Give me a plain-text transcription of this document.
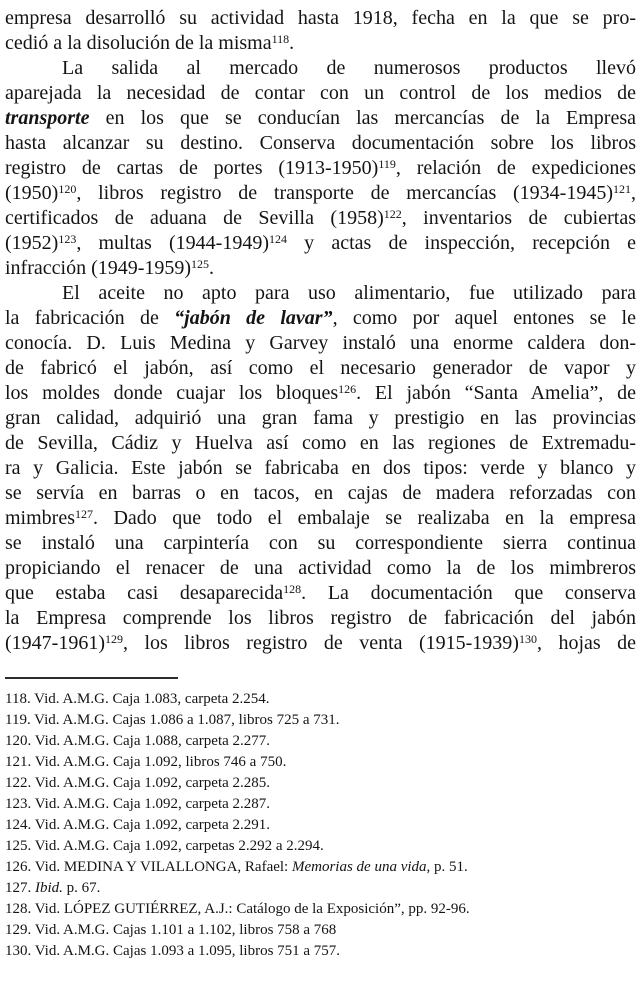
empresa desarrolló su actividad hasta 1918, fecha en la que se pro-
cedió a la disolución de la misma$^{118}$.
La salida al mercado de numerosos productos llevó
aparejada la necesidad de contar con un control de los medios de
transporte en los que se conducían las mercancías de la Empresa
hasta alcanzar su destino. Conserva documentación sobre los libros
registro de cartas de portes (1913-1950)$^{119}$, relación de expediciones
(1950)$^{120}$, libros registro de transporte de mercancías (1934-1945)$^{121}$,
certificados de aduana de Sevilla (1958)$^{122}$, inventarios de cubiertas
(1952)$^{123}$, multas (1944-1949)$^{124}$ y actas de inspección, recepción e
infracción (1949-1959)$^{125}$.
El aceite no apto para uso alimentario, fue utilizado para
la fabricación de “jabón de lavar”, como por aquel entones se le
conocía. D. Luis Medina y Garvey instaló una enorme caldera don-
de fabricó el jabón, así como el necesario generador de vapor y
los moldes donde cuajar los bloques$^{126}$. El jabón “Santa Amelia”, de
gran calidad, adquirió una gran fama y prestigio en las provincias
de Sevilla, Cádiz y Huelva así como en las regiones de Extremadu-
ra y Galicia. Este jabón se fabricaba en dos tipos: verde y blanco y
se servía en barras o en tacos, en cajas de madera reforzadas con
mimbres$^{127}$. Dado que todo el embalaje se realizaba en la empresa
se instaló una carpintería con su correspondiente sierra continua
propiciando el renacer de una actividad como la de los mimbreros
que estaba casi desaparecida$^{128}$. La documentación que conserva
la Empresa comprende los libros registro de fabricación del jabón
(1947-1961)$^{129}$, los libros registro de venta (1915-1939)$^{130}$, hojas de
118. Vid. A.M.G. Caja 1.083, carpeta 2.254.
119. Vid. A.M.G. Cajas 1.086 a 1.087, libros 725 a 731.
120. Vid. A.M.G. Caja 1.088, carpeta 2.277.
121. Vid. A.M.G. Caja 1.092, libros 746 a 750.
122. Vid. A.M.G. Caja 1.092, carpeta 2.285.
123. Vid. A.M.G. Caja 1.092, carpeta 2.287.
124. Vid. A.M.G. Caja 1.092, carpeta 2.291.
125. Vid. A.M.G. Caja 1.092, carpetas 2.292 a 2.294.
126. Vid. MEDINA Y VILALLONGA, Rafael: Memorias de una vida, p. 51.
127. Ibid. p. 67.
128. Vid. LÓPEZ GUTIÉRREZ, A.J.: Catálogo de la Exposición”, pp. 92-96.
129. Vid. A.M.G. Cajas 1.101 a 1.102, libros 758 a 768
130. Vid. A.M.G. Cajas 1.093 a 1.095, libros 751 a 757.
